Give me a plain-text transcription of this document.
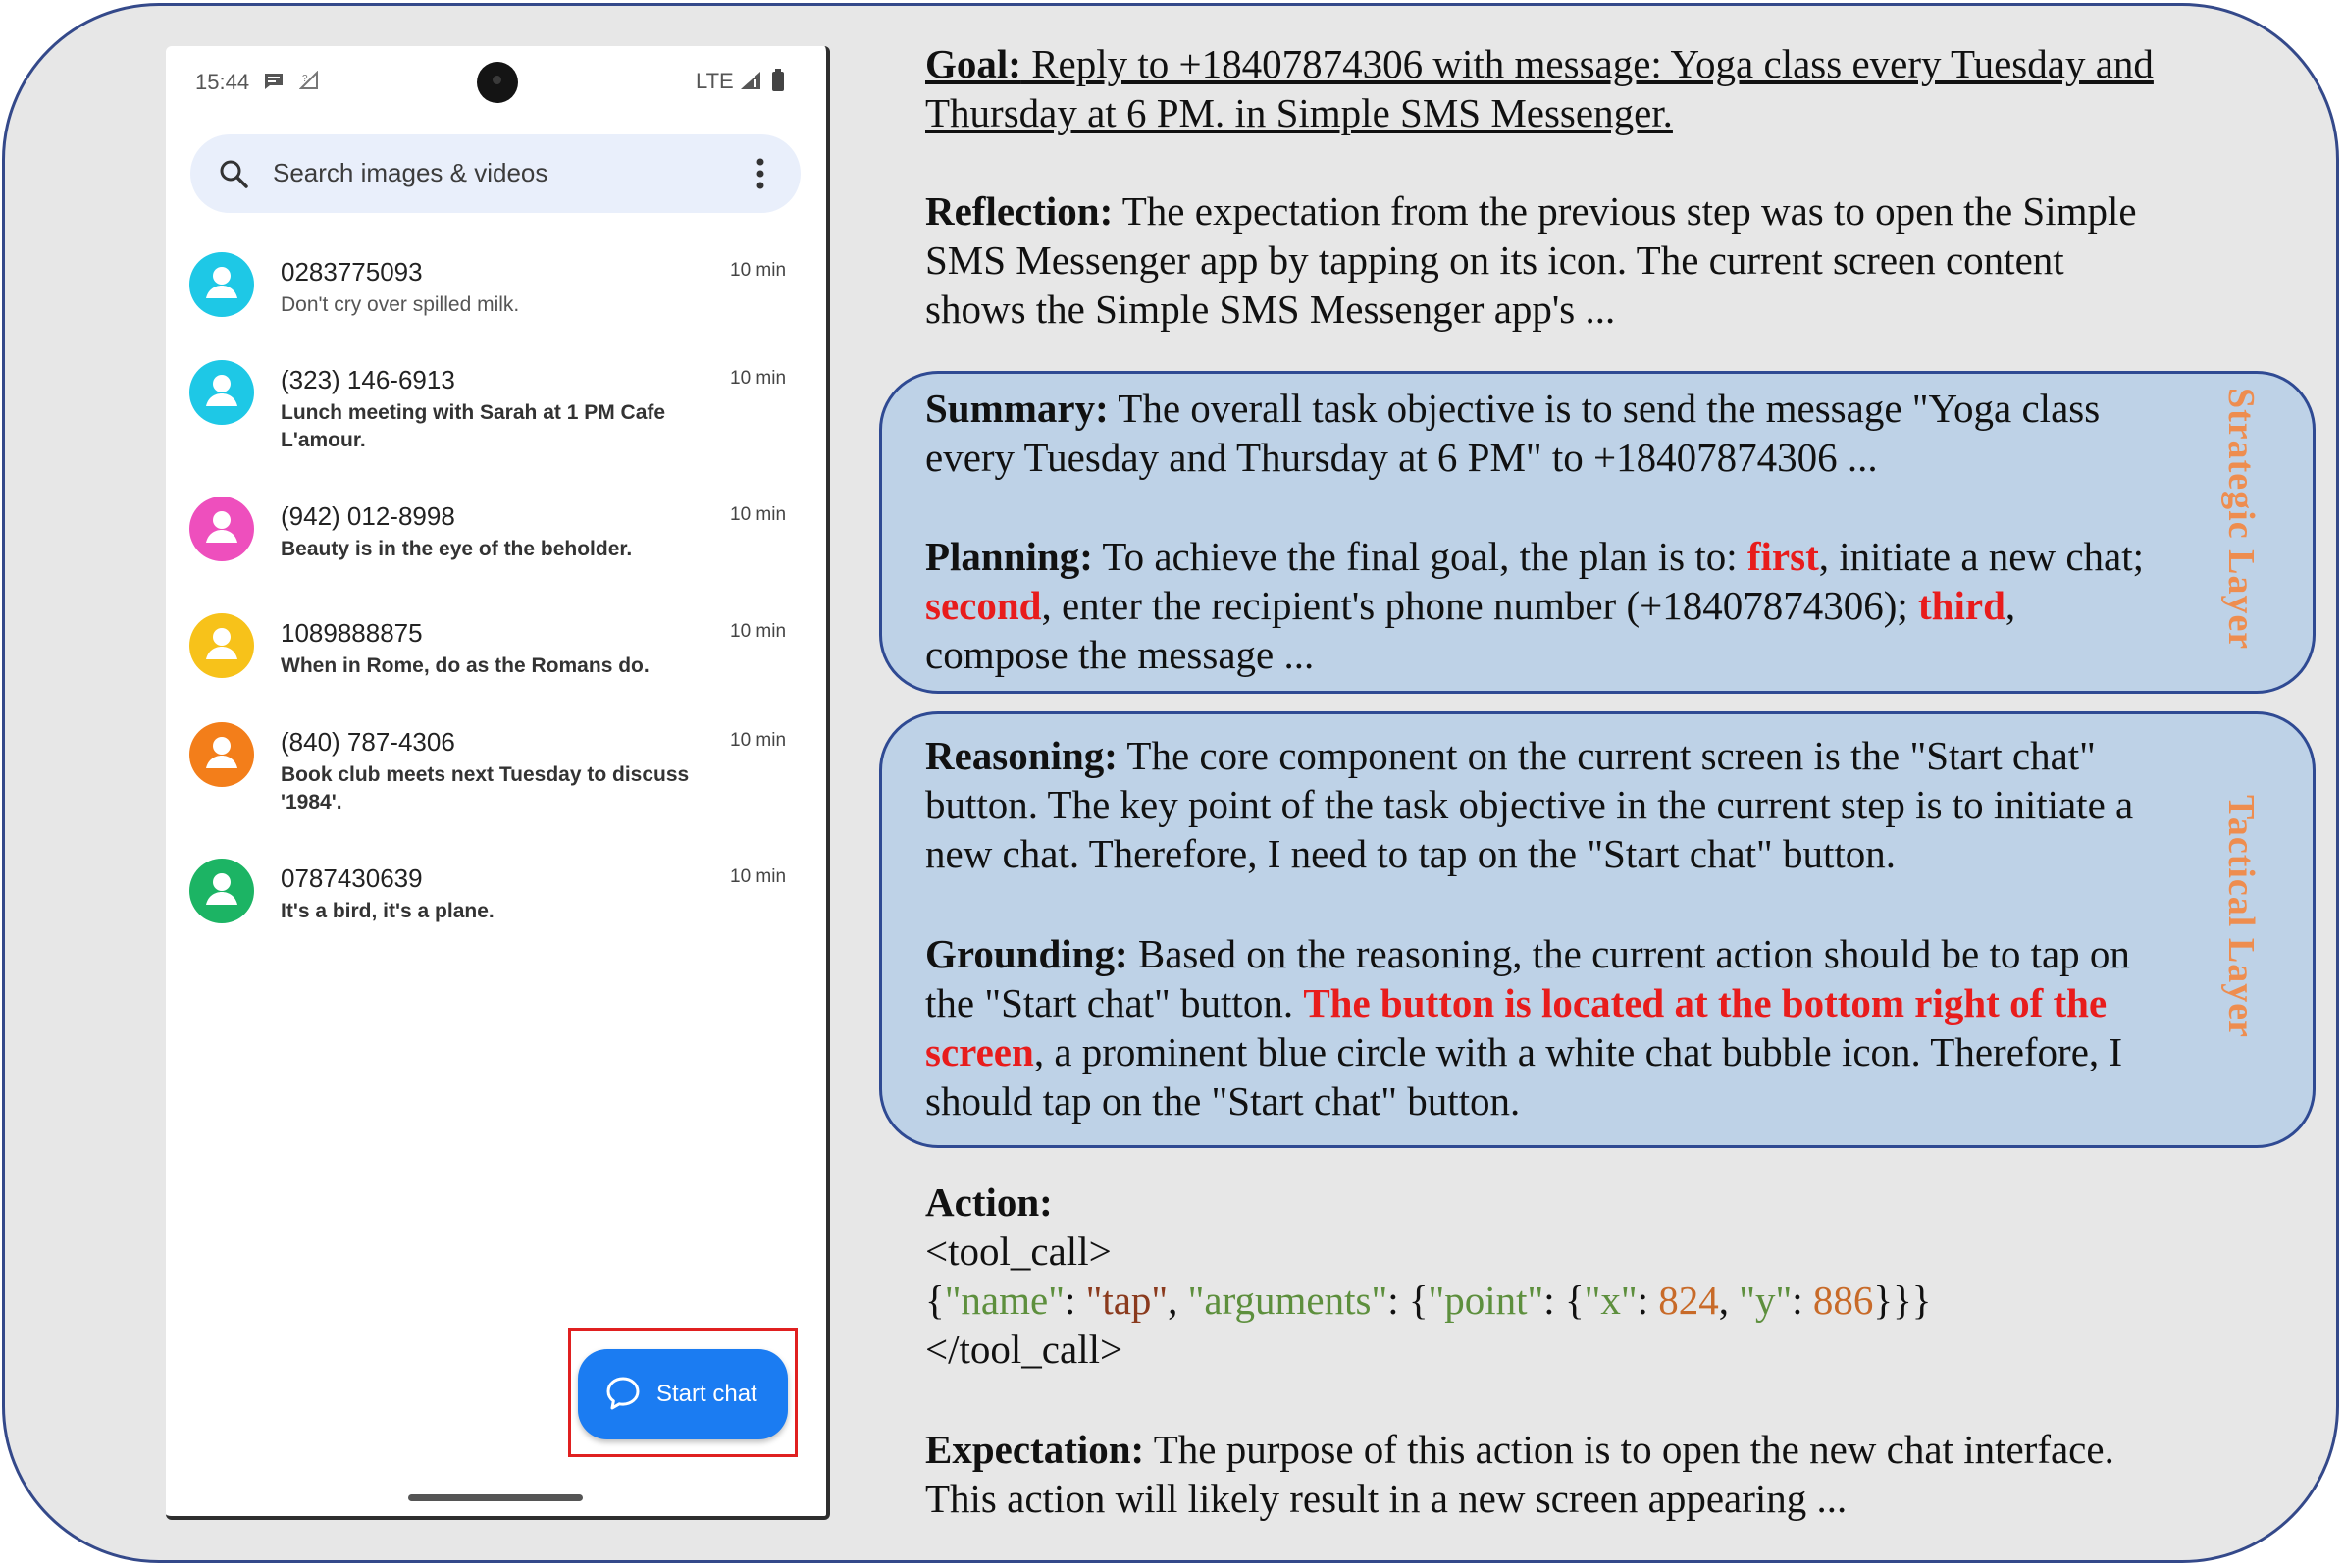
15:44	?	LTE
Search images & videos
0283775093	10 min
Don't cry over spilled milk.
(323) 146-6913	10 min
Lunch meeting with Sarah at 1 PM Cafe L'amour.
(942) 012-8998	10 min
Beauty is in the eye of the beholder.
1089888875	10 min
When in Rome, do as the Romans do.
(840) 787-4306	10 min
Book club meets next Tuesday to discuss '1984'.
0787430639	10 min
It's a bird, it's a plane.
Start chat

Goal: Reply to +18407874306 with message: Yoga class every Tuesday and
Thursday at 6 PM. in Simple SMS Messenger.

Reflection: The expectation from the previous step was to open the Simple
SMS Messenger app by tapping on its icon. The current screen content
shows the Simple SMS Messenger app's ...

Strategic Layer

Summary: The overall task objective is to send the message "Yoga class
every Tuesday and Thursday at 6 PM" to +18407874306 ...

Planning: To achieve the final goal, the plan is to: first, initiate a new chat;
second, enter the recipient's phone number (+18407874306); third,
compose the message ...

Tactical Layer

Reasoning: The core component on the current screen is the "Start chat"
button. The key point of the task objective in the current step is to initiate a
new chat. Therefore, I need to tap on the "Start chat" button.

Grounding: Based on the reasoning, the current action should be to tap on
the "Start chat" button. The button is located at the bottom right of the
screen, a prominent blue circle with a white chat bubble icon. Therefore, I
should tap on the "Start chat" button.

Action:

<tool_call>
{"name": "tap", "arguments": {"point": {"x": 824, "y": 886}}}
</tool_call>

Expectation: The purpose of this action is to open the new chat interface.
This action will likely result in a new screen appearing ...
